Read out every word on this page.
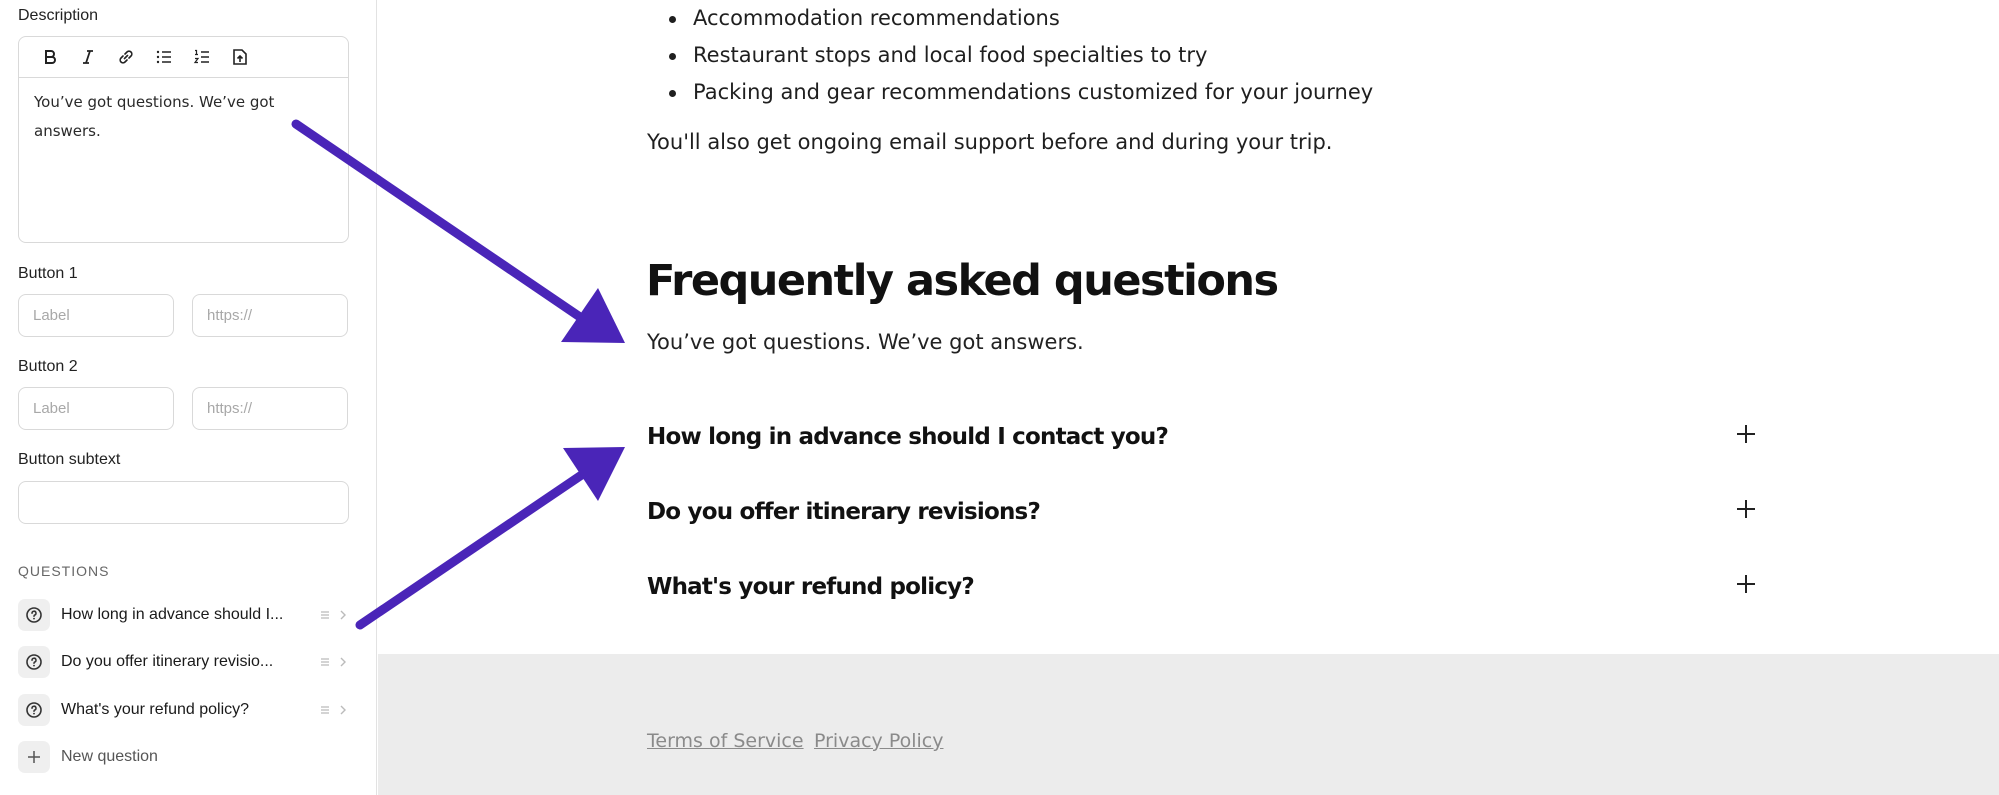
Description
You’ve got questions. We’ve got answers.
Button 1
Label	https://
Button 2
Label	https://
Button subtext
QUESTIONS
How long in advance should I...
Do you offer itinerary revisio...
What's your refund policy?
New question
Accommodation recommendations
Restaurant stops and local food specialties to try
Packing and gear recommendations customized for your journey

You'll also get ongoing email support before and during your trip.

Frequently asked questions

You’ve got questions. We’ve got answers.

How long in advance should I contact you?
Do you offer itinerary revisions?
What's your refund policy?
Terms of Service Privacy Policy
